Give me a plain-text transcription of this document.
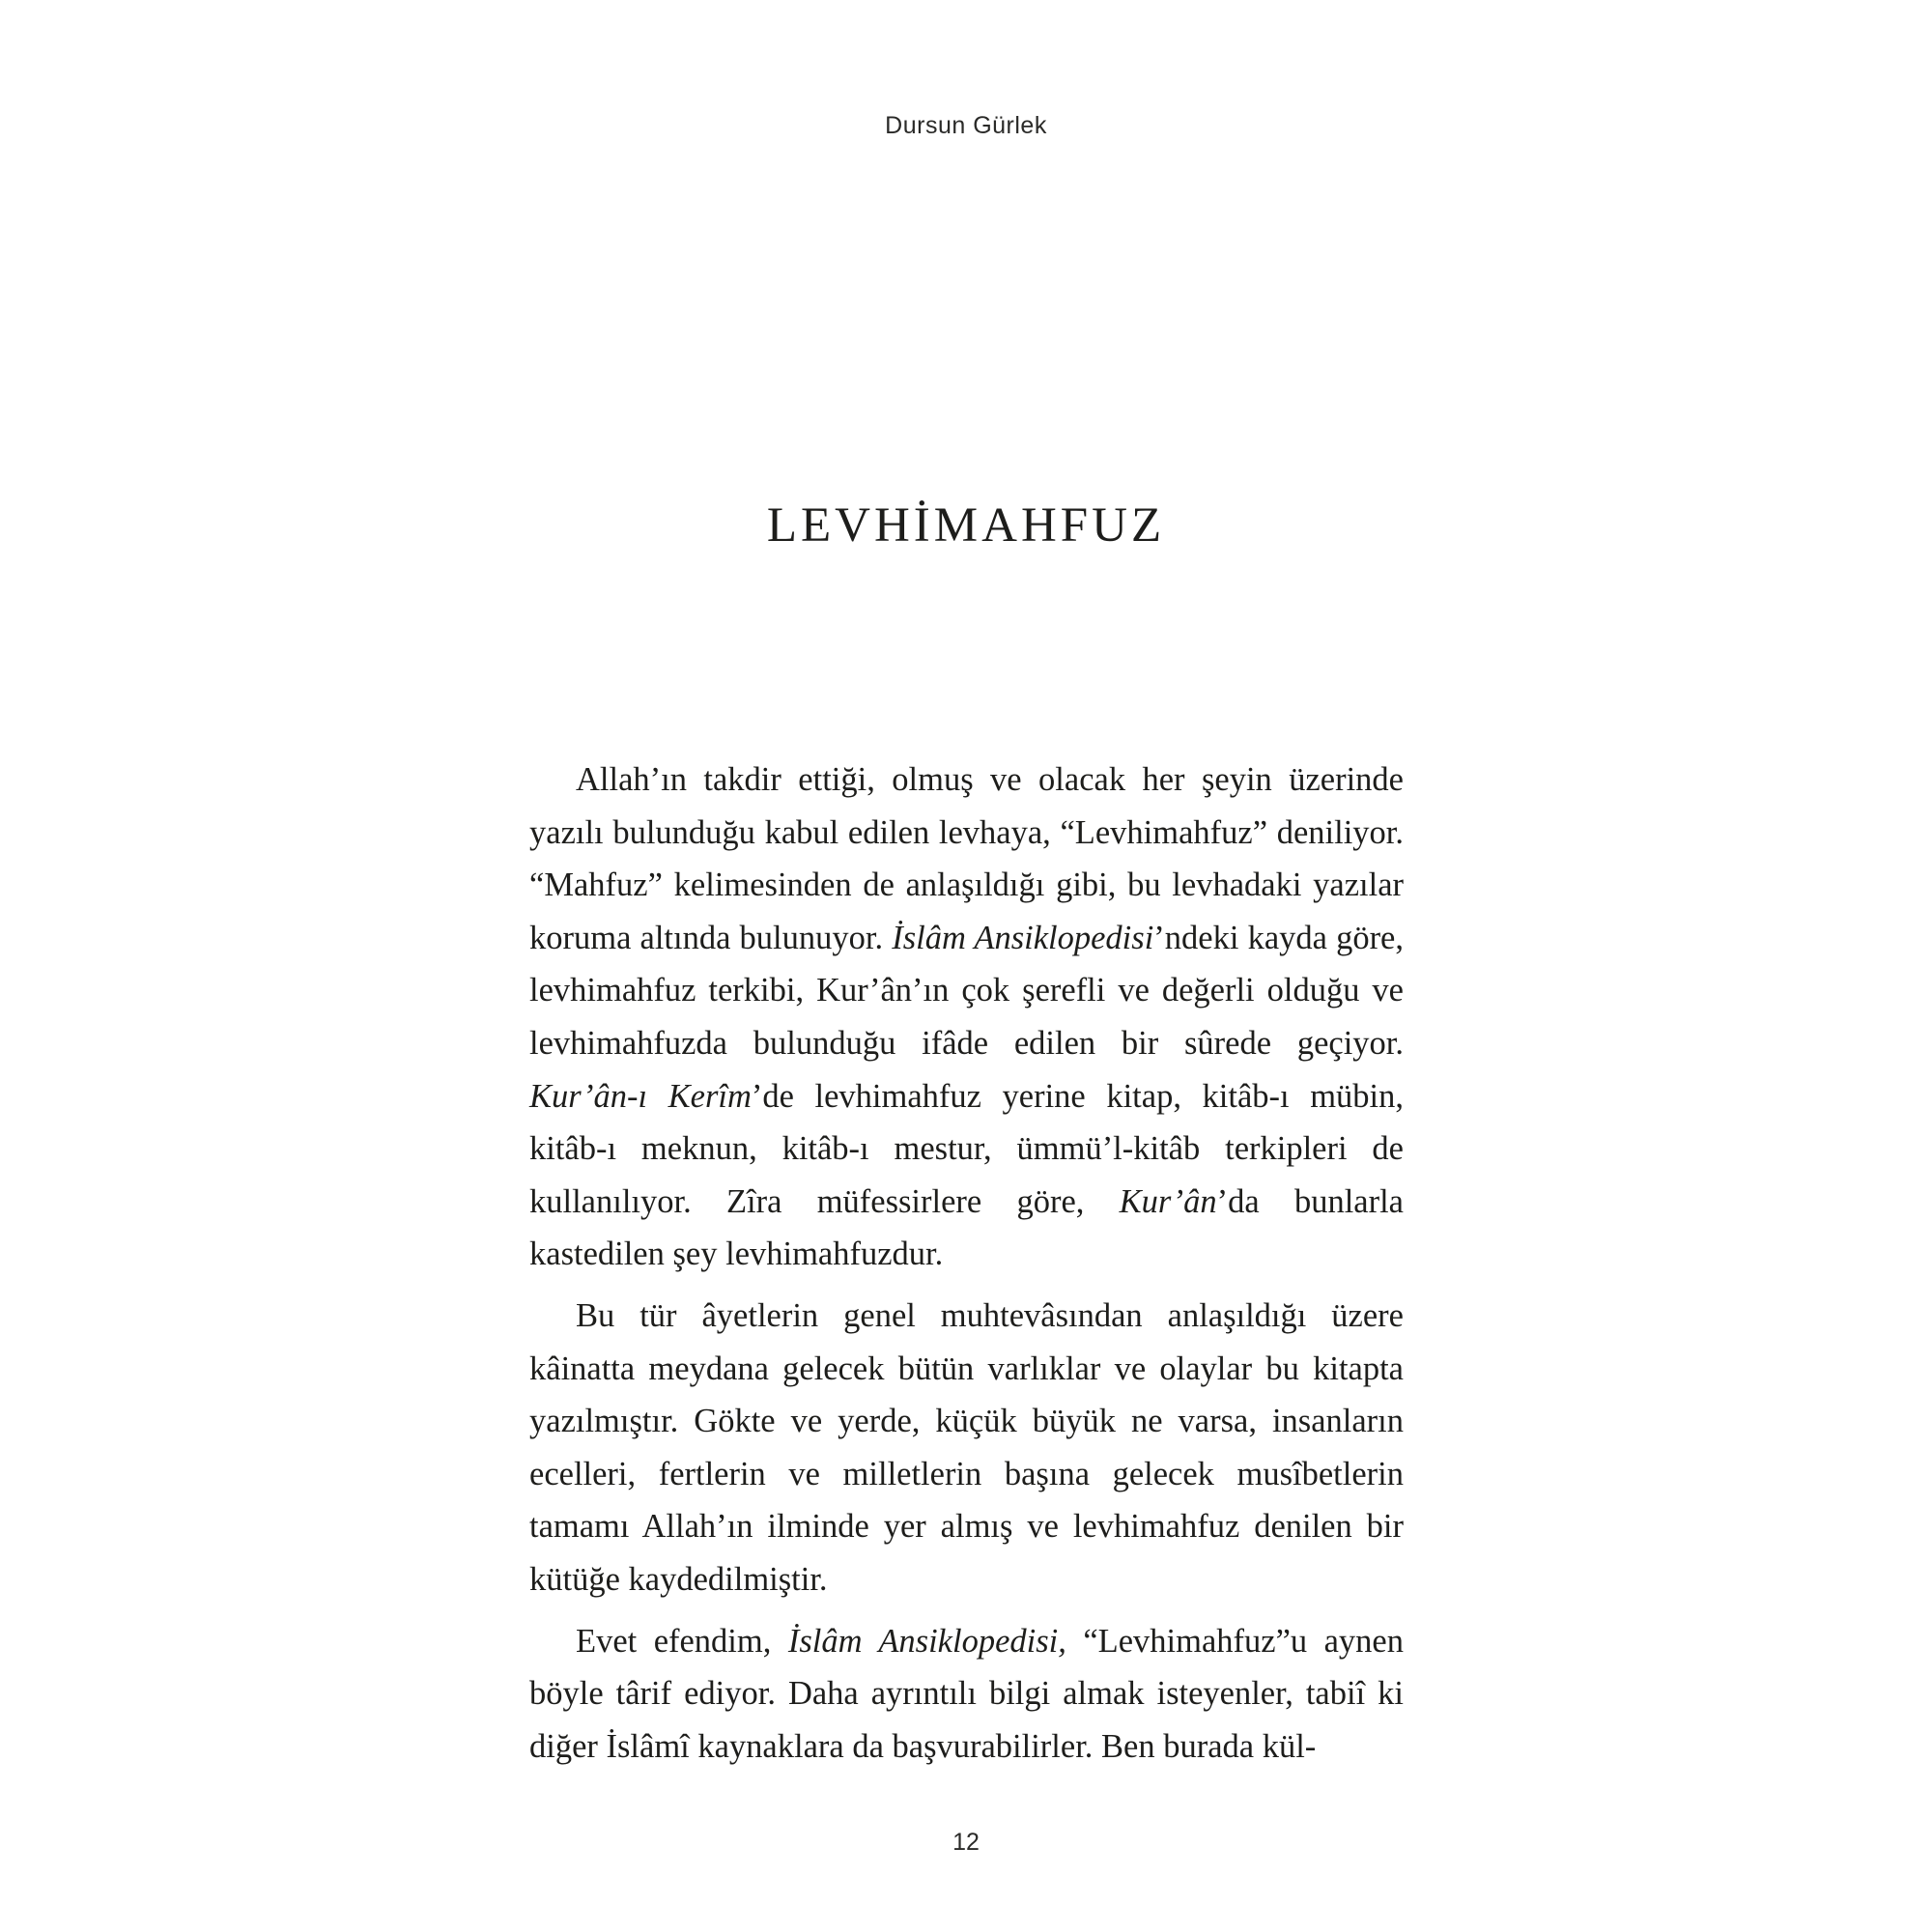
Dursun Gürlek
LEVHİMAHFUZ

Allah’ın takdir ettiği, olmuş ve olacak her şeyin üzerinde yazılı bulunduğu kabul edilen levhaya, “Levhimahfuz” deniliyor. “Mahfuz” kelimesinden de anlaşıldığı gibi, bu levhadaki yazılar koruma altında bulunuyor. İslâm Ansiklopedisi’ndeki kayda göre, levhimahfuz terkibi, Kur’ân’ın çok şerefli ve değerli olduğu ve levhimahfuzda bulunduğu ifâde edilen bir sûrede geçiyor. Kur’ân-ı Kerîm’de levhimahfuz yerine kitap, kitâb-ı mübin, kitâb-ı meknun, kitâb-ı mestur, ümmü’l-kitâb terkipleri de kullanılıyor. Zîra müfessirlere göre, Kur’ân’da bunlarla kastedilen şey levhimahfuzdur.

Bu tür âyetlerin genel muhtevâsından anlaşıldığı üzere kâinatta meydana gelecek bütün varlıklar ve olaylar bu kitapta yazılmıştır. Gökte ve yerde, küçük büyük ne varsa, insanların ecelleri, fertlerin ve milletlerin başına gelecek musîbetlerin tamamı Allah’ın ilminde yer almış ve levhimahfuz denilen bir kütüğe kaydedilmiştir.

Evet efendim, İslâm Ansiklopedisi, “Levhimahfuz”u aynen böyle târif ediyor. Daha ayrıntılı bilgi almak isteyenler, tabiî ki diğer İslâmî kaynaklara da başvurabilirler. Ben burada kül-

12
